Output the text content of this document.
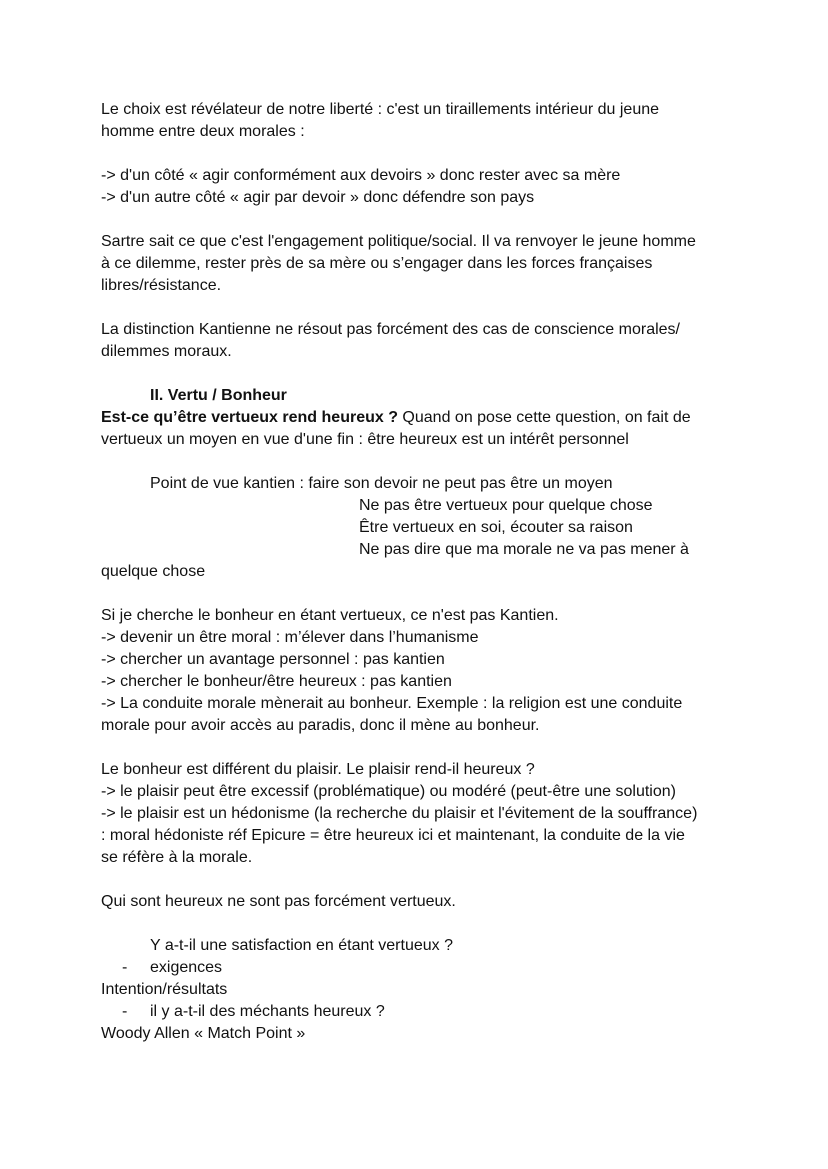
Le choix est révélateur de notre liberté : c'est un tiraillements intérieur du jeune
homme entre deux morales :
-> d'un côté « agir conformément aux devoirs » donc rester avec sa mère
-> d'un autre côté « agir par devoir » donc défendre son pays
Sartre sait ce que c'est l'engagement politique/social. Il va renvoyer le jeune homme
à ce dilemme, rester près de sa mère ou s’engager dans les forces françaises
libres/résistance.
La distinction Kantienne ne résout pas forcément des cas de conscience morales/
dilemmes moraux.
II. Vertu / Bonheur
Est-ce qu’être vertueux rend heureux ? Quand on pose cette question, on fait de
vertueux un moyen en vue d'une fin : être heureux est un intérêt personnel
Point de vue kantien : faire son devoir ne peut pas être un moyen
Ne pas être vertueux pour quelque chose
Être vertueux en soi, écouter sa raison
Ne pas dire que ma morale ne va pas mener à
quelque chose
Si je cherche le bonheur en étant vertueux, ce n'est pas Kantien.
-> devenir un être moral : m’élever dans l’humanisme
-> chercher un avantage personnel : pas kantien
-> chercher le bonheur/être heureux : pas kantien
-> La conduite morale mènerait au bonheur. Exemple : la religion est une conduite
morale pour avoir accès au paradis, donc il mène au bonheur.
Le bonheur est différent du plaisir. Le plaisir rend-il heureux ?
-> le plaisir peut être excessif (problématique) ou modéré (peut-être une solution)
-> le plaisir est un hédonisme (la recherche du plaisir et l'évitement de la souffrance)
: moral hédoniste réf Epicure = être heureux ici et maintenant, la conduite de la vie
se réfère à la morale.
Qui sont heureux ne sont pas forcément vertueux.
Y a-t-il une satisfaction en étant vertueux ?
- exigences
Intention/résultats
- il y a-t-il des méchants heureux ?
Woody Allen « Match Point »
